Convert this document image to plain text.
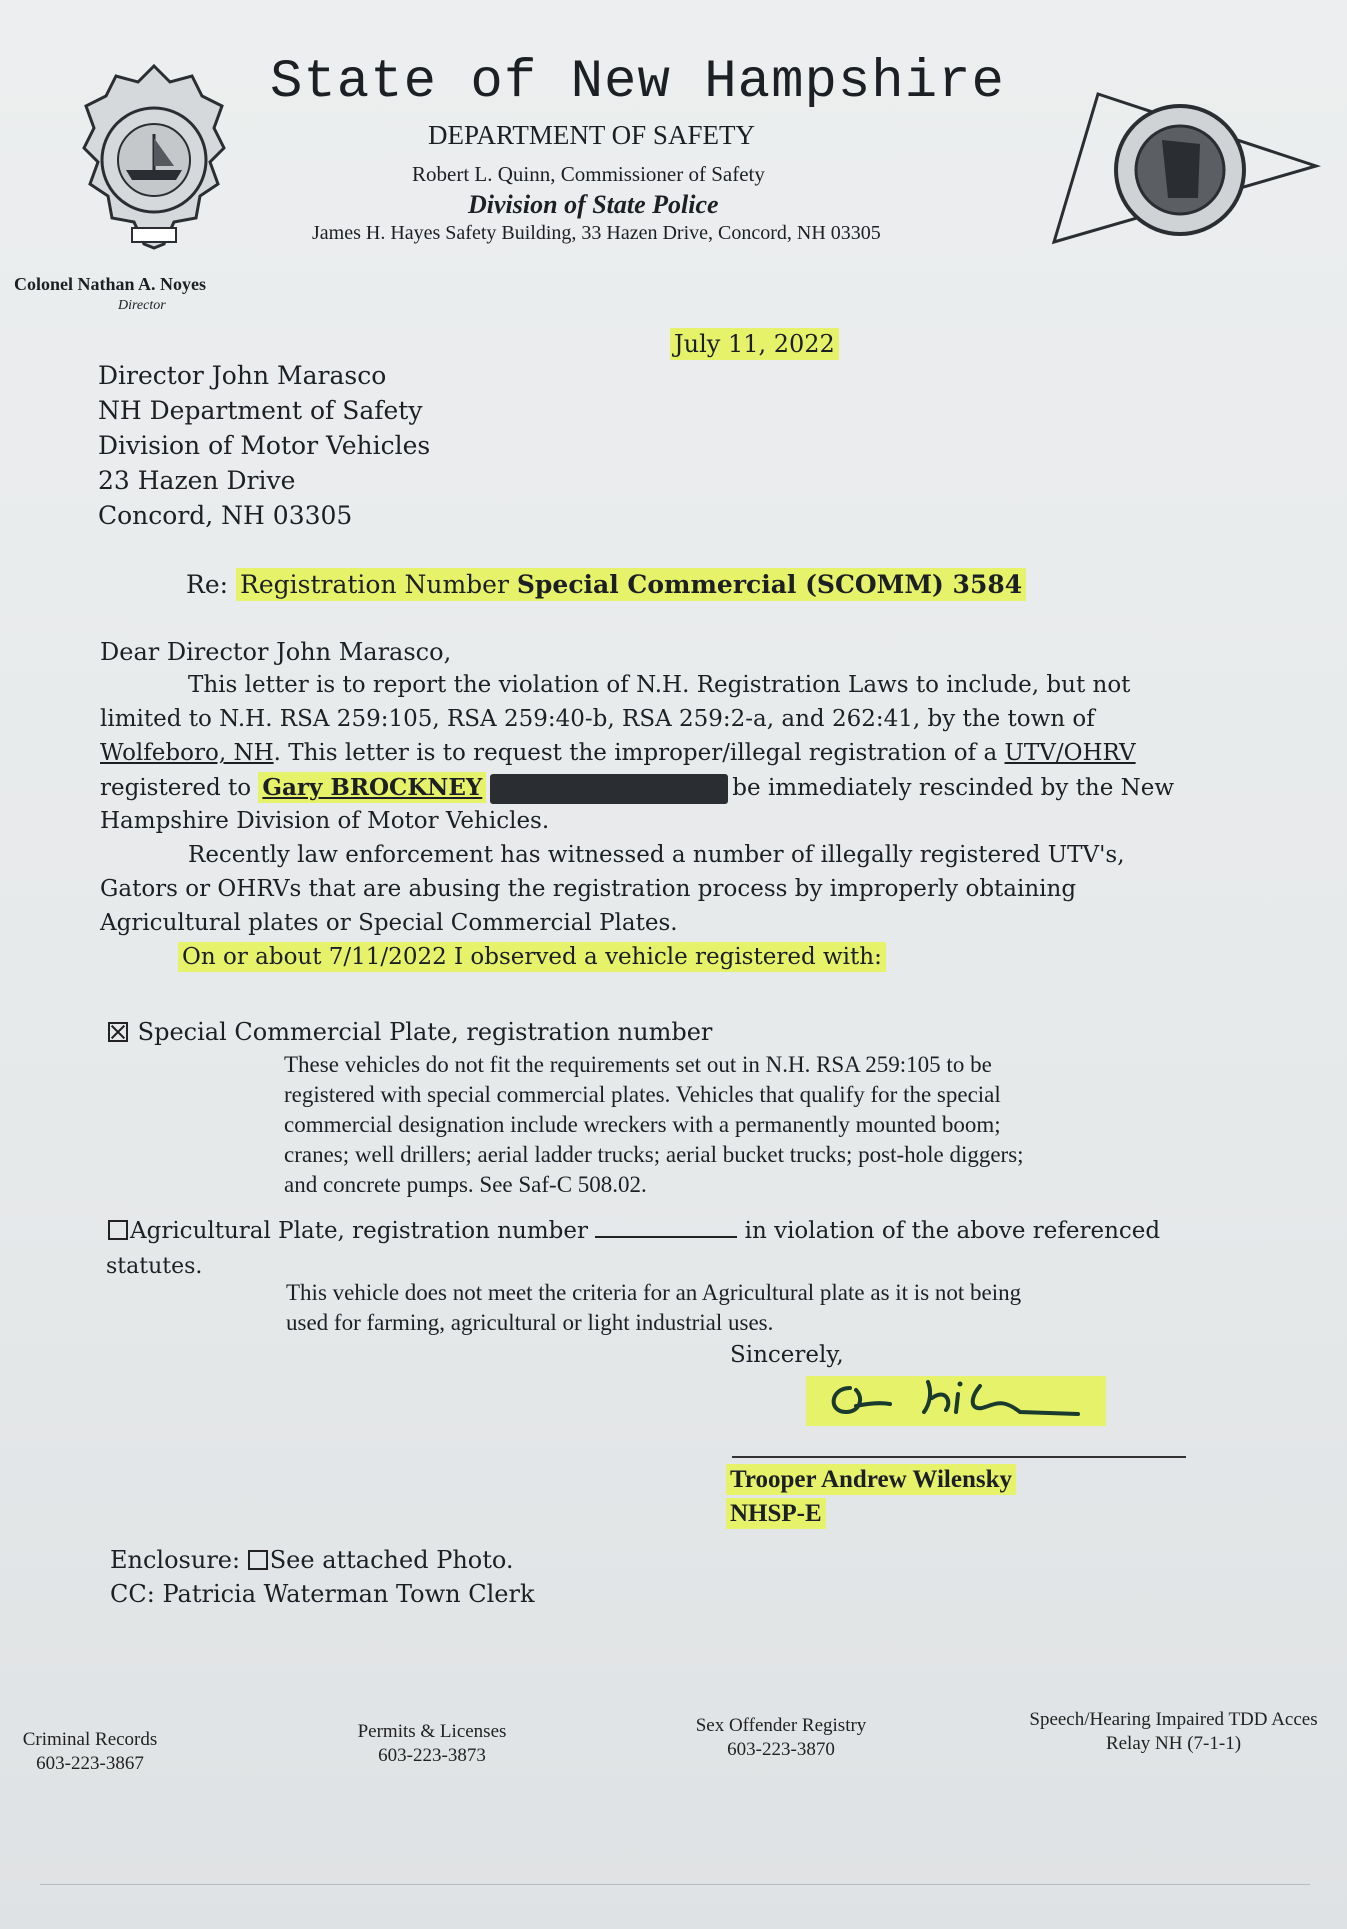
State of New Hampshire
DEPARTMENT OF SAFETY
Robert L. Quinn, Commissioner of Safety
Division of State Police
James H. Hayes Safety Building, 33 Hazen Drive, Concord, NH 03305
Colonel Nathan A. Noyes
Director
July 11, 2022
Director John Marasco
NH Department of Safety
Division of Motor Vehicles
23 Hazen Drive
Concord, NH 03305
Re: Registration Number Special Commercial (SCOMM) 3584
Dear Director John Marasco,
This letter is to report the violation of N.H. Registration Laws to include, but not
limited to N.H. RSA 259:105, RSA 259:40-b, RSA 259:2-a, and 262:41, by the town of
Wolfeboro, NH. This letter is to request the improper/illegal registration of a UTV/OHRV
registered to Gary BROCKNEY	be immediately rescinded by the New
Hampshire Division of Motor Vehicles.
Recently law enforcement has witnessed a number of illegally registered UTV's,
Gators or OHRVs that are abusing the registration process by improperly obtaining
Agricultural plates or Special Commercial Plates.
On or about 7/11/2022 I observed a vehicle registered with:
Special Commercial Plate, registration number
These vehicles do not fit the requirements set out in N.H. RSA 259:105 to be
registered with special commercial plates. Vehicles that qualify for the special
commercial designation include wreckers with a permanently mounted boom;
cranes; well drillers; aerial ladder trucks; aerial bucket trucks; post-hole diggers;
and concrete pumps. See Saf-C 508.02.
Agricultural Plate, registration number	in violation of the above referenced
statutes.
This vehicle does not meet the criteria for an Agricultural plate as it is not being
used for farming, agricultural or light industrial uses.
Sincerely,
Trooper Andrew Wilensky
NHSP-E
Enclosure: See attached Photo.
CC: Patricia Waterman Town Clerk
Criminal Records
603-223-3867
Permits & Licenses
603-223-3873
Sex Offender Registry
603-223-3870
Speech/Hearing Impaired TDD Acces
Relay NH (7-1-1)
